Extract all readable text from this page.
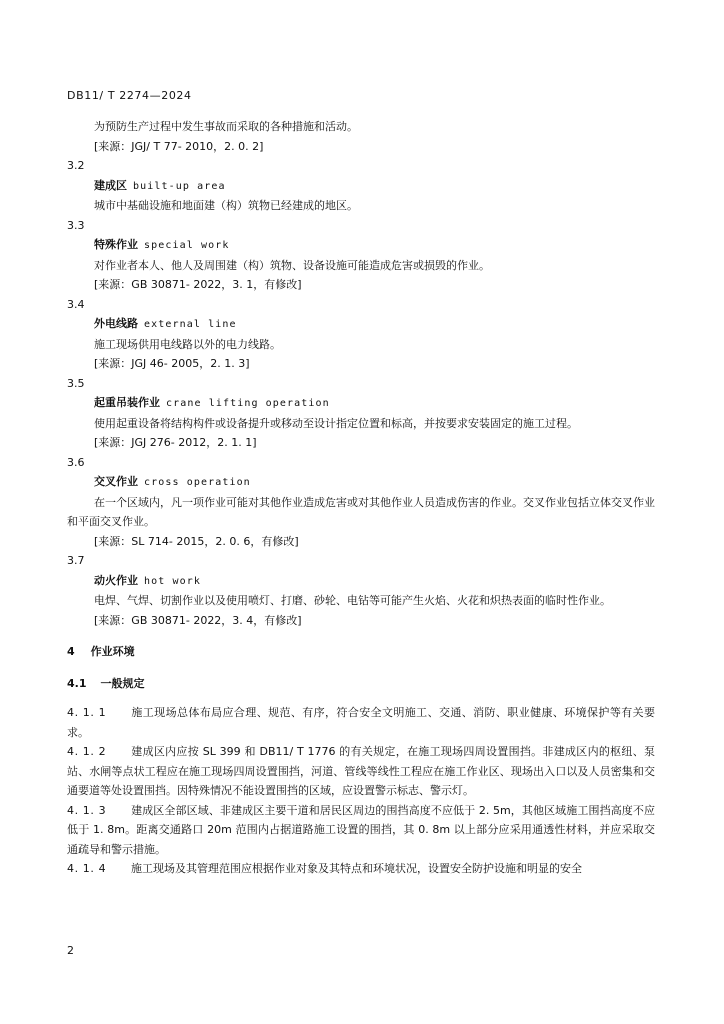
DB11/ T 2274—2024

为预防生产过程中发生事故而采取的各种措施和活动。

[来源：JGJ/ T 77- 2010，2. 0. 2]

3.2

建成区 built-up area

城市中基础设施和地面建（构）筑物已经建成的地区。

3.3

特殊作业 special work

对作业者本人、他人及周围建（构）筑物、设备设施可能造成危害或损毁的作业。

[来源：GB 30871- 2022，3. 1，有修改]

3.4

外电线路 external line

施工现场供用电线路以外的电力线路。

[来源：JGJ 46- 2005，2. 1. 3]

3.5

起重吊装作业 crane lifting operation

使用起重设备将结构构件或设备提升或移动至设计指定位置和标高，并按要求安装固定的施工过程。

[来源：JGJ 276- 2012，2. 1. 1]

3.6

交叉作业 cross operation

在一个区域内，凡一项作业可能对其他作业造成危害或对其他作业人员造成伤害的作业。交叉作业包括立体交叉作业和平面交叉作业。

[来源：SL 714- 2015，2. 0. 6，有修改]

3.7

动火作业 hot work

电焊、气焊、切割作业以及使用喷灯、打磨、砂轮、电钻等可能产生火焰、火花和炽热表面的临时性作业。

[来源：GB 30871- 2022，3. 4，有修改]

4 作业环境

4.1 一般规定

4. 1. 1 施工现场总体布局应合理、规范、有序，符合安全文明施工、交通、消防、职业健康、环境保护等有关要求。

4. 1. 2 建成区内应按 SL 399 和 DB11/ T 1776 的有关规定，在施工现场四周设置围挡。非建成区内的枢纽、泵站、水闸等点状工程应在施工现场四周设置围挡，河道、管线等线性工程应在施工作业区、现场出入口以及人员密集和交通要道等处设置围挡。因特殊情况不能设置围挡的区域，应设置警示标志、警示灯。

4. 1. 3 建成区全部区域、非建成区主要干道和居民区周边的围挡高度不应低于 2. 5m，其他区域施工围挡高度不应低于 1. 8m。距离交通路口 20m 范围内占据道路施工设置的围挡，其 0. 8m 以上部分应采用通透性材料，并应采取交通疏导和警示措施。

4. 1. 4 施工现场及其管理范围应根据作业对象及其特点和环境状况，设置安全防护设施和明显的安全

2
